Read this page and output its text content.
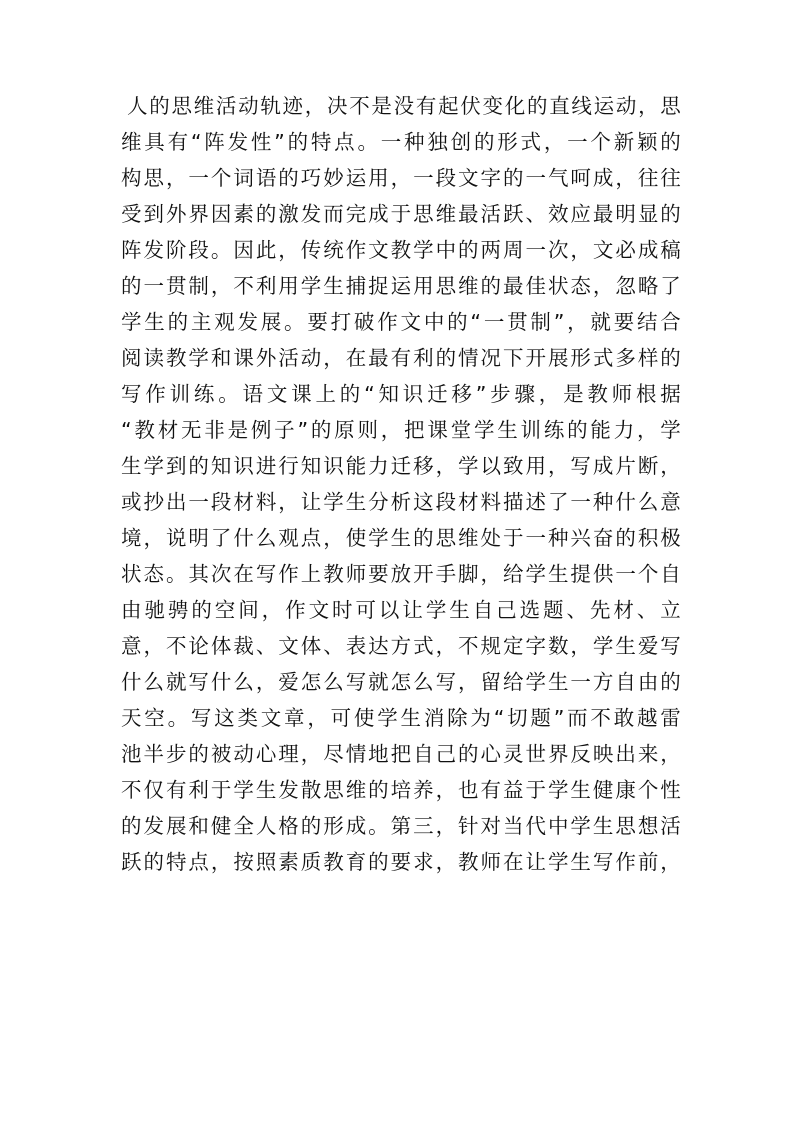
人的思维活动轨迹，决不是没有起伏变化的直线运动，思
维具有“阵发性”的特点。一种独创的形式，一个新颖的
构思，一个词语的巧妙运用，一段文字的一气呵成，往往
受到外界因素的激发而完成于思维最活跃、效应最明显的
阵发阶段。因此，传统作文教学中的两周一次，文必成稿
的一贯制，不利用学生捕捉运用思维的最佳状态，忽略了
学生的主观发展。要打破作文中的“一贯制”，就要结合
阅读教学和课外活动，在最有利的情况下开展形式多样的
写作训练。语文课上的“知识迁移”步骤，是教师根据
“教材无非是例子”的原则，把课堂学生训练的能力，学
生学到的知识进行知识能力迁移，学以致用，写成片断，
或抄出一段材料，让学生分析这段材料描述了一种什么意
境，说明了什么观点，使学生的思维处于一种兴奋的积极
状态。其次在写作上教师要放开手脚，给学生提供一个自
由驰骋的空间，作文时可以让学生自己选题、先材、立
意，不论体裁、文体、表达方式，不规定字数，学生爱写
什么就写什么，爱怎么写就怎么写，留给学生一方自由的
天空。写这类文章，可使学生消除为“切题”而不敢越雷
池半步的被动心理，尽情地把自己的心灵世界反映出来，
不仅有利于学生发散思维的培养，也有益于学生健康个性
的发展和健全人格的形成。第三，针对当代中学生思想活
跃的特点，按照素质教育的要求，教师在让学生写作前，
